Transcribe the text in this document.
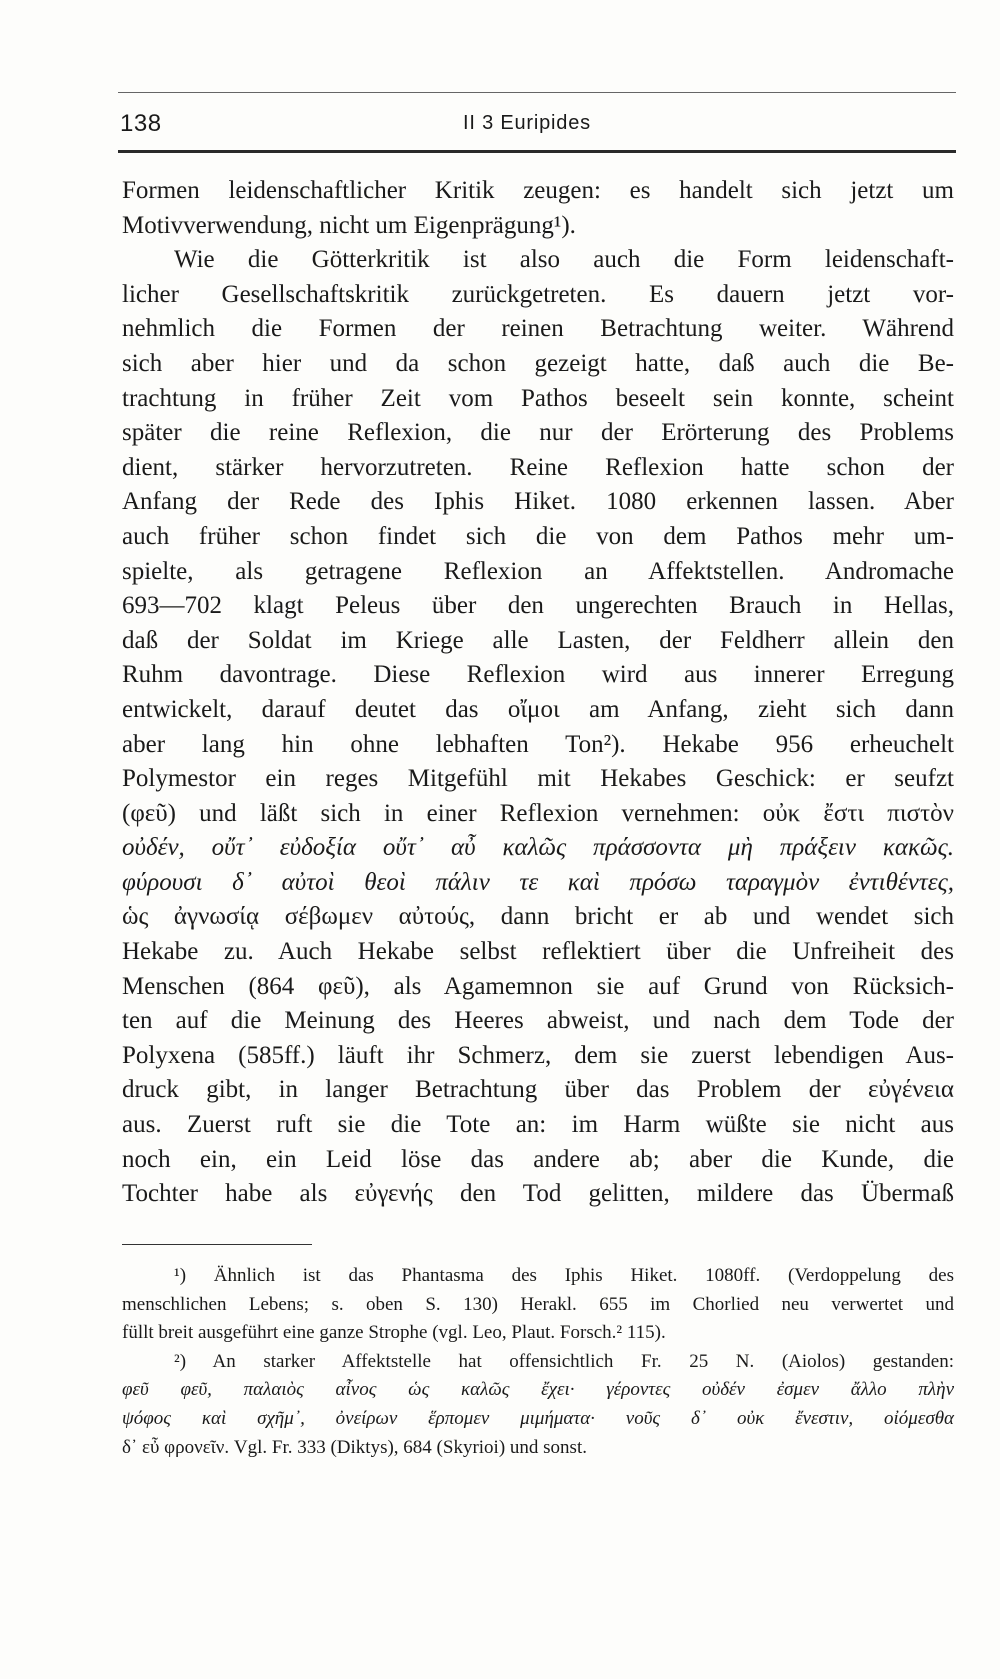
138	II 3 Euripides
Formen leidenschaftlicher Kritik zeugen: es handelt sich jetzt um
Motivverwendung, nicht um Eigenprägung¹).
Wie die Götterkritik ist also auch die Form leidenschaft-
licher Gesellschaftskritik zurückgetreten. Es dauern jetzt vor-
nehmlich die Formen der reinen Betrachtung weiter. Während
sich aber hier und da schon gezeigt hatte, daß auch die Be-
trachtung in früher Zeit vom Pathos beseelt sein konnte, scheint
später die reine Reflexion, die nur der Erörterung des Problems
dient, stärker hervorzutreten. Reine Reflexion hatte schon der
Anfang der Rede des Iphis Hiket. 1080 erkennen lassen. Aber
auch früher schon findet sich die von dem Pathos mehr um-
spielte, als getragene Reflexion an Affektstellen. Andromache
693—702 klagt Peleus über den ungerechten Brauch in Hellas,
daß der Soldat im Kriege alle Lasten, der Feldherr allein den
Ruhm davontrage. Diese Reflexion wird aus innerer Erregung
entwickelt, darauf deutet das οἴμοι am Anfang, zieht sich dann
aber lang hin ohne lebhaften Ton²). Hekabe 956 erheuchelt
Polymestor ein reges Mitgefühl mit Hekabes Geschick: er seufzt
(φεῦ) und läßt sich in einer Reflexion vernehmen: οὐκ ἔστι πιστὸν
οὐδέν, οὔτ᾽ εὐδοξία οὔτ᾽ αὖ καλῶς πράσσοντα μὴ πράξειν κακῶς.
φύρουσι δ᾽ αὐτοὶ θεοὶ πάλιν τε καὶ πρόσω ταραγμὸν ἐντιθέντες,
ὡς ἀγνωσίᾳ σέβωμεν αὐτούς, dann bricht er ab und wendet sich
Hekabe zu. Auch Hekabe selbst reflektiert über die Unfreiheit des
Menschen (864 φεῦ), als Agamemnon sie auf Grund von Rücksich-
ten auf die Meinung des Heeres abweist, und nach dem Tode der
Polyxena (585ff.) läuft ihr Schmerz, dem sie zuerst lebendigen Aus-
druck gibt, in langer Betrachtung über das Problem der εὐγένεια
aus. Zuerst ruft sie die Tote an: im Harm wüßte sie nicht aus
noch ein, ein Leid löse das andere ab; aber die Kunde, die
Tochter habe als εὐγενής den Tod gelitten, mildere das Übermaß
¹) Ähnlich ist das Phantasma des Iphis Hiket. 1080ff. (Verdoppelung des
menschlichen Lebens; s. oben S. 130) Herakl. 655 im Chorlied neu verwertet und
füllt breit ausgeführt eine ganze Strophe (vgl. Leo, Plaut. Forsch.² 115).
²) An starker Affektstelle hat offensichtlich Fr. 25 N. (Aiolos) gestanden:
φεῦ φεῦ, παλαιὸς αἶνος ὡς καλῶς ἔχει· γέροντες οὐδέν ἐσμεν ἄλλο πλὴν
ψόφος καὶ σχῆμ᾽, ὀνείρων ἕρπομεν μιμήματα· νοῦς δ᾽ οὐκ ἔνεστιν, οἰόμεσθα
δ᾽ εὖ φρονεῖν. Vgl. Fr. 333 (Diktys), 684 (Skyrioi) und sonst.
